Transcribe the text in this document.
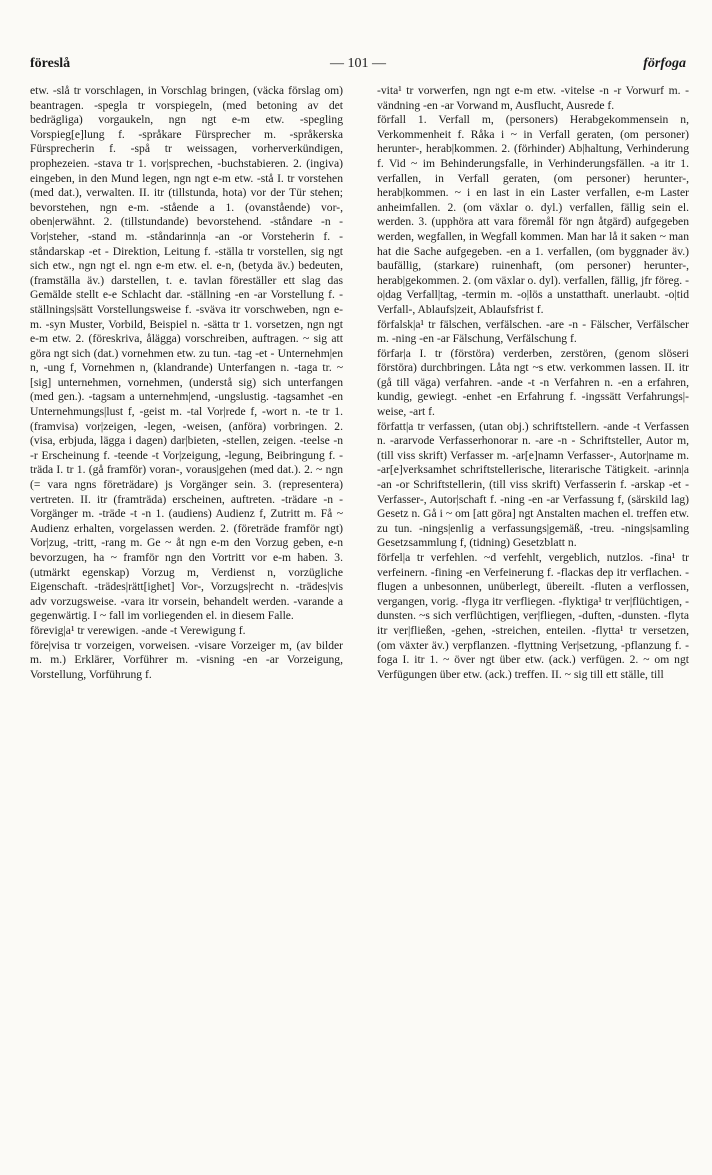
— 101 —
föreslå	förfoga

etw. -slå tr vorschlagen, in Vorschlag bringen, (väcka förslag om) beantragen. -spegla tr vorspiegeln, (med betoning av det bedrägliga) vorgaukeln, ngn ngt e-m etw. -spegling Vorspieg[e]lung f. -språkare Fürsprecher m. -språkerska Fürsprecherin f. -spå tr weissagen, vorherverkündigen, prophezeien. -stava tr 1. vor|sprechen, -buchstabieren. 2. (ingiva) eingeben, in den Mund legen, ngn ngt e-m etw. -stå I. tr vorstehen (med dat.), verwalten. II. itr (tillstunda, hota) vor der Tür stehen; bevorstehen, ngn e-m. -stående a 1. (ovanstående) vor-, oben|erwähnt. 2. (tillstundande) bevorstehend. -ståndare -n - Vor|steher, -stand m. -ståndarinn|a -an -or Vorsteherin f. -ståndarskap -et - Direktion, Leitung f. -ställa tr vorstellen, sig ngt sich etw., ngn ngt el. ngn e-m etw. el. e-n, (betyda äv.) bedeuten, (framställa äv.) darstellen, t. e. tavlan föreställer ett slag das Gemälde stellt e-e Schlacht dar. -ställning -en -ar Vorstellung f. -ställnings|sätt Vorstellungsweise f. -sväva itr vorschweben, ngn e-m. -syn Muster, Vorbild, Beispiel n. -sätta tr 1. vorsetzen, ngn ngt e-m etw. 2. (föreskriva, ålägga) vorschreiben, auftragen. ~ sig att göra ngt sich (dat.) vornehmen etw. zu tun. -tag -et - Unternehm|en n, -ung f, Vornehmen n, (klandrande) Unterfangen n. -taga tr. ~ [sig] unternehmen, vornehmen, (understå sig) sich unterfangen (med gen.). -tagsam a unternehm|end, -ungslustig. -tagsamhet -en Unternehmungs|lust f, -geist m. -tal Vor|rede f, -wort n. -te tr 1. (framvisa) vor|zeigen, -legen, -weisen, (anföra) vorbringen. 2. (visa, erbjuda, lägga i dagen) dar|bieten, -stellen, zeigen. -teelse -n -r Erscheinung f. -teende -t Vor|zeigung, -legung, Beibringung f. -träda I. tr 1. (gå framför) voran-, voraus|gehen (med dat.). 2. ~ ngn (= vara ngns företrädare) js Vorgänger sein. 3. (representera) vertreten. II. itr (framträda) erscheinen, auftreten. -trädare -n - Vorgänger m. -träde -t -n 1. (audiens) Audienz f, Zutritt m. Få ~ Audienz erhalten, vorgelassen werden. 2. (företräde framför ngt) Vor|zug, -tritt, -rang m. Ge ~ åt ngn e-m den Vorzug geben, e-n bevorzugen, ha ~ framför ngn den Vortritt vor e-m haben. 3. (utmärkt egenskap) Vorzug m, Verdienst n, vorzügliche Eigenschaft. -trädes|rätt[ighet] Vor-, Vorzugs|recht n. -trädes|vis adv vorzugsweise. -vara itr vorsein, behandelt werden. -varande a gegenwärtig. I ~ fall im vorliegenden el. in diesem Falle.

förevig|a¹ tr verewigen. -ande -t Verewigung f.

före|visa tr vorzeigen, vorweisen. -visare Vorzeiger m, (av bilder m. m.) Erklärer, Vorführer m. -visning -en -ar Vorzeigung, Vorstellung, Vorführung f.

-vita¹ tr vorwerfen, ngn ngt e-m etw. -vitelse -n -r Vorwurf m. -vändning -en -ar Vorwand m, Ausflucht, Ausrede f.

förfall 1. Verfall m, (personers) Herabgekommensein n, Verkommenheit f. Råka i ~ in Verfall geraten, (om personer) herunter-, herab|kommen. 2. (förhinder) Ab|haltung, Verhinderung f. Vid ~ im Behinderungsfalle, in Verhinderungsfällen. -a itr 1. verfallen, in Verfall geraten, (om personer) herunter-, herab|kommen. ~ i en last in ein Laster verfallen, e-m Laster anheimfallen. 2. (om växlar o. dyl.) verfallen, fällig sein el. werden. 3. (upphöra att vara föremål för ngn åtgärd) aufgegeben werden, wegfallen, in Wegfall kommen. Man har lå it saken ~ man hat die Sache aufgegeben. -en a 1. verfallen, (om byggnader äv.) baufällig, (starkare) ruinenhaft, (om personer) herunter-, herab|gekommen. 2. (om växlar o. dyl). verfallen, fällig, jfr föreg. -o|dag Verfall|tag, -termin m. -o|lös a unstatthaft. unerlaubt. -o|tid Verfall-, Ablaufs|zeit, Ablaufsfrist f.

förfalsk|a¹ tr fälschen, verfälschen. -are -n - Fälscher, Verfälscher m. -ning -en -ar Fälschung, Verfälschung f.

förfar|a I. tr (förstöra) verderben, zerstören, (genom slöseri förstöra) durchbringen. Låta ngt ~s etw. verkommen lassen. II. itr (gå till väga) verfahren. -ande -t -n Verfahren n. -en a erfahren, kundig, gewiegt. -enhet -en Erfahrung f. -ingssätt Verfahrungs|-weise, -art f.

författ|a tr verfassen, (utan obj.) schriftstellern. -ande -t Verfassen n. -ararvode Verfasserhonorar n. -are -n - Schriftsteller, Autor m, (till viss skrift) Verfasser m. -ar[e]namn Verfasser-, Autor|name m. -ar[e]verksamhet schriftstellerische, literarische Tätigkeit. -arinn|a -an -or Schriftstellerin, (till viss skrift) Verfasserin f. -arskap -et - Verfasser-, Autor|schaft f. -ning -en -ar Verfassung f, (särskild lag) Gesetz n. Gå i ~ om [att göra] ngt Anstalten machen el. treffen etw. zu tun. -nings|enlig a verfassungs|gemäß, -treu. -nings|samling Gesetzsammlung f, (tidning) Gesetzblatt n.

förfel|a tr verfehlen. ~d verfehlt, vergeblich, nutzlos. -fina¹ tr verfeinern. -fining -en Verfeinerung f. -flackas dep itr verflachen. -flugen a unbesonnen, unüberlegt, übereilt. -fluten a verflossen, vergangen, vorig. -flyga itr verfliegen. -flyktiga¹ tr ver|flüchtigen, -dunsten. ~s sich verflüchtigen, ver|fliegen, -duften, -dunsten. -flyta itr ver|fließen, -gehen, -streichen, enteilen. -flytta¹ tr versetzen, (om växter äv.) verpflanzen. -flyttning Ver|setzung, -pflanzung f. -foga I. itr 1. ~ över ngt über etw. (ack.) verfügen. 2. ~ om ngt Verfügungen über etw. (ack.) treffen. II. ~ sig till ett ställe, till
